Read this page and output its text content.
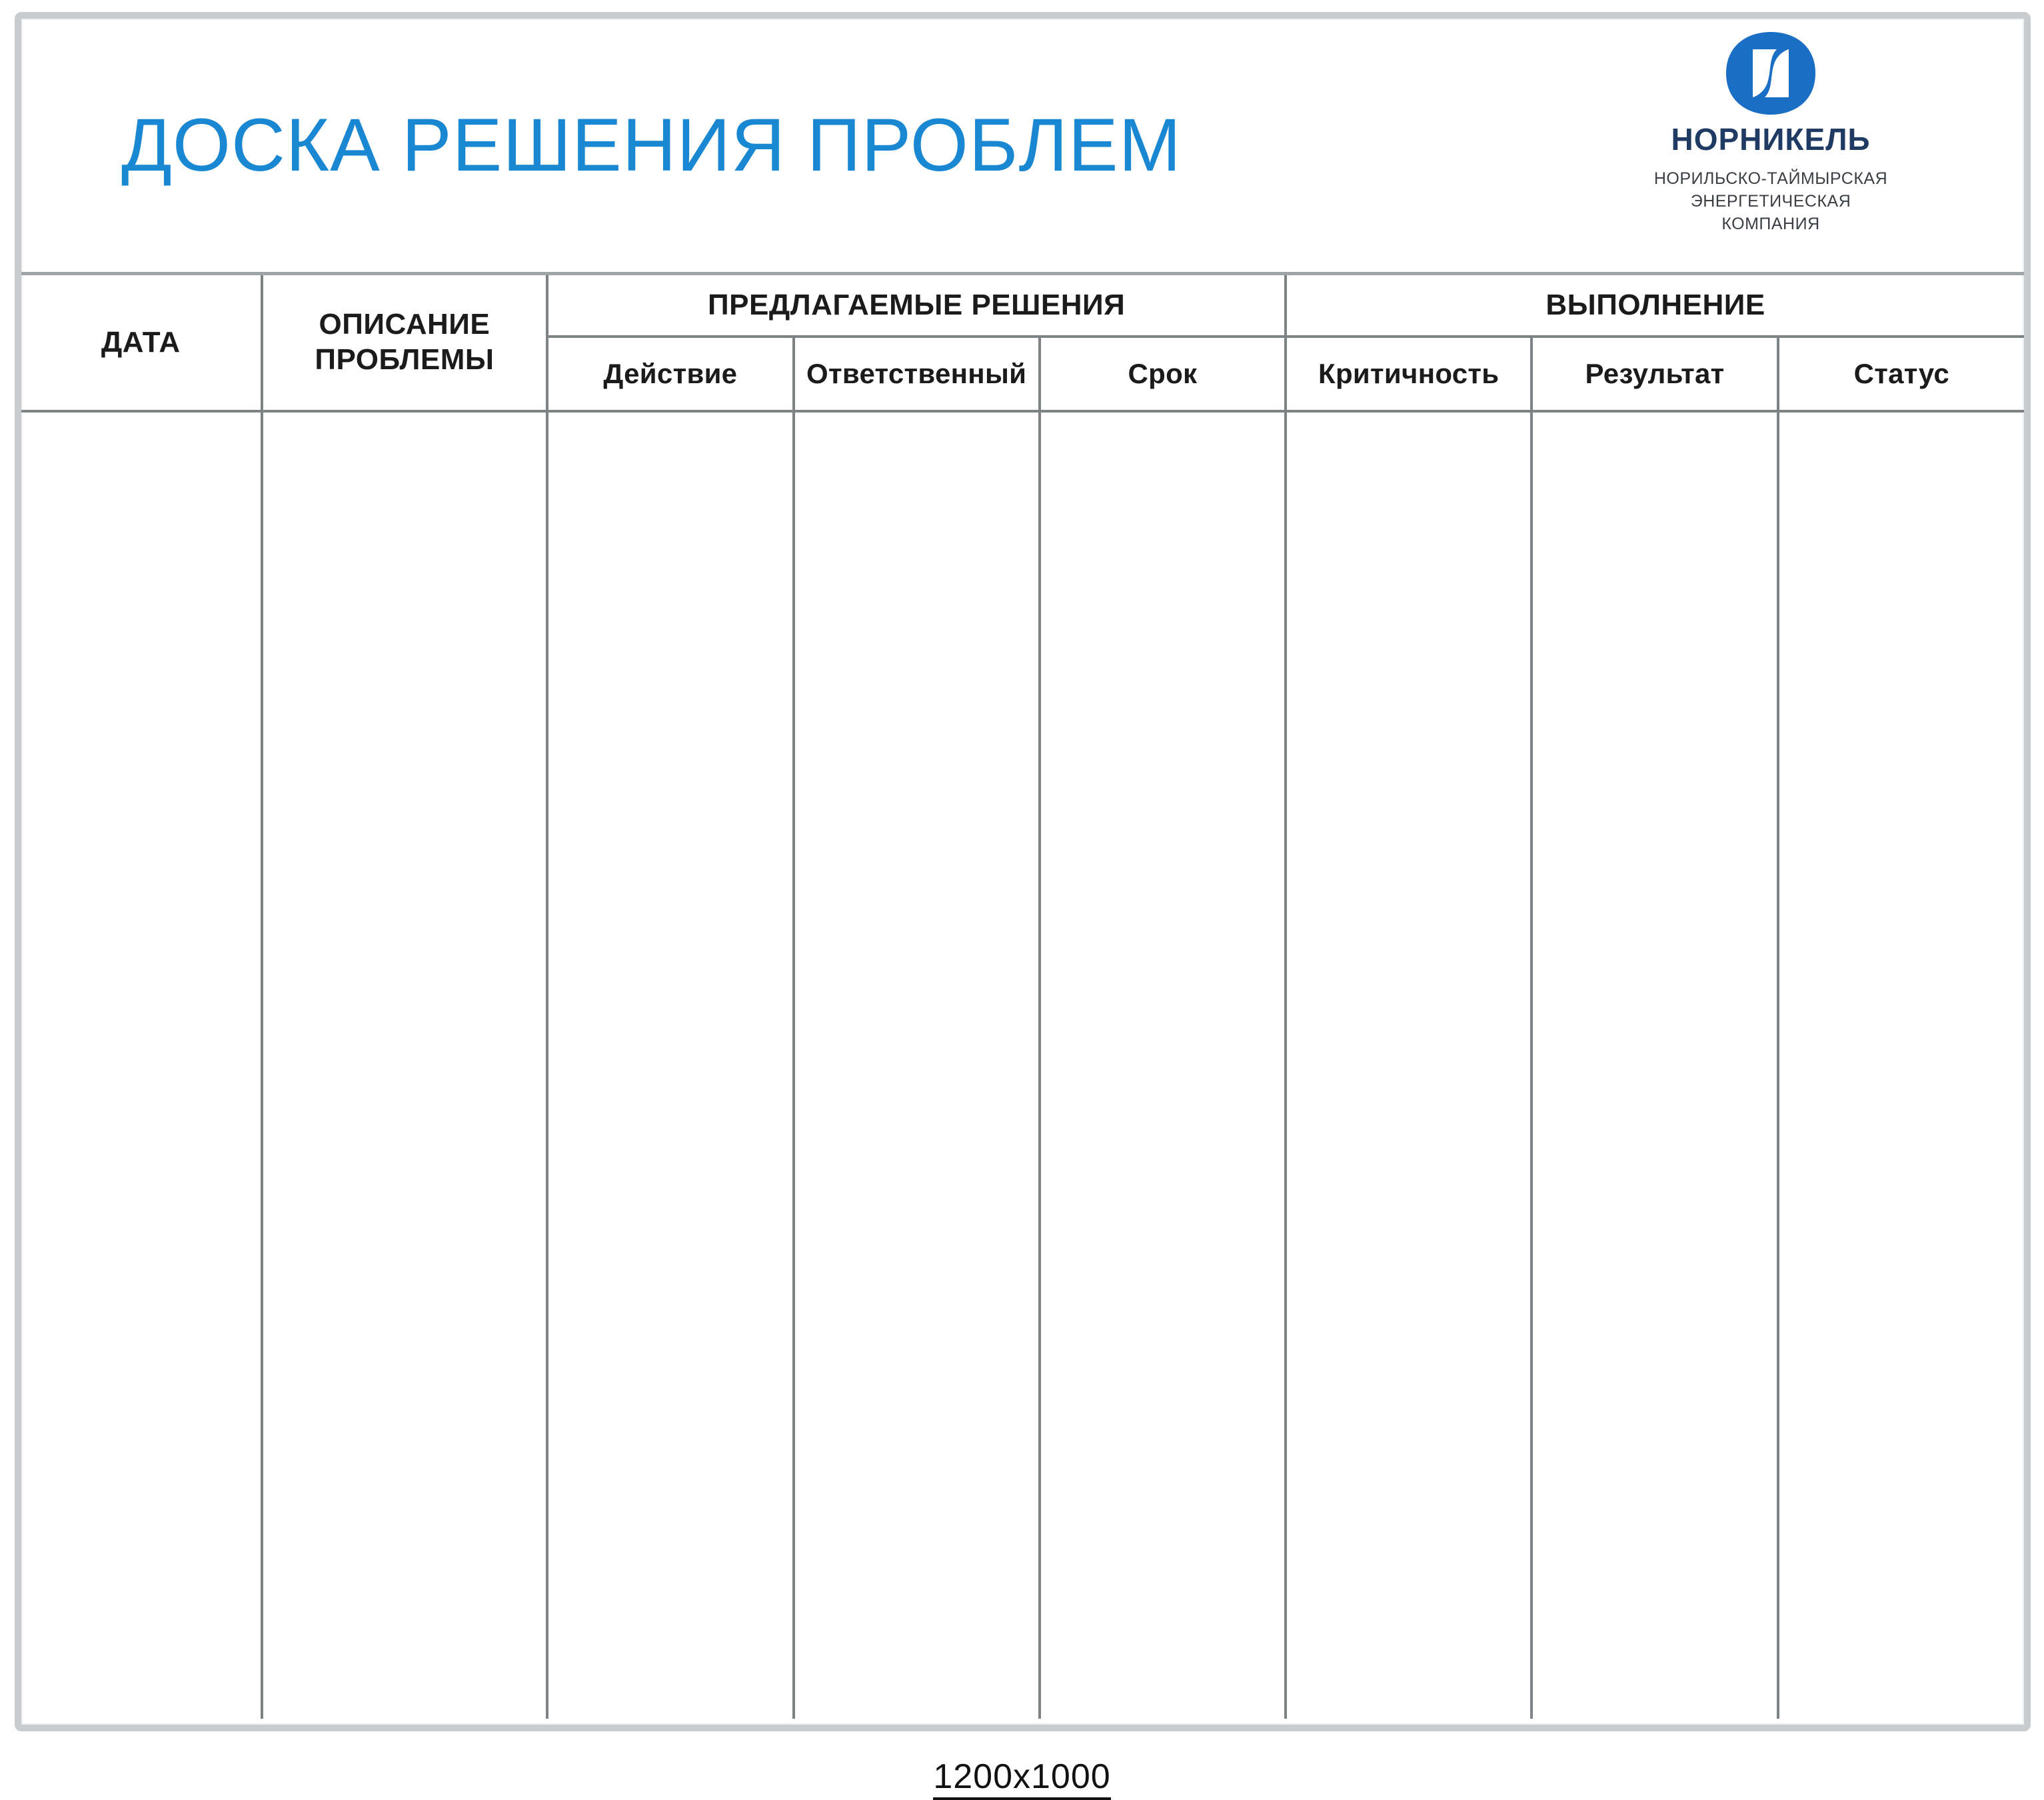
ДОСКА РЕШЕНИЯ ПРОБЛЕМ	НОРНИКЕЛЬ
НОРИЛЬСКО-ТАЙМЫРСКАЯ
ЭНЕРГЕТИЧЕСКАЯ
КОМПАНИЯ
ДАТА	ОПИСАНИЕ ПРОБЛЕМЫ	ПРЕДЛАГАЕМЫЕ РЕШЕНИЯ			ВЫПОЛНЕНИЕ		
		Действие	Ответственный	Срок	Критичность	Результат	Статус

1200x1000
